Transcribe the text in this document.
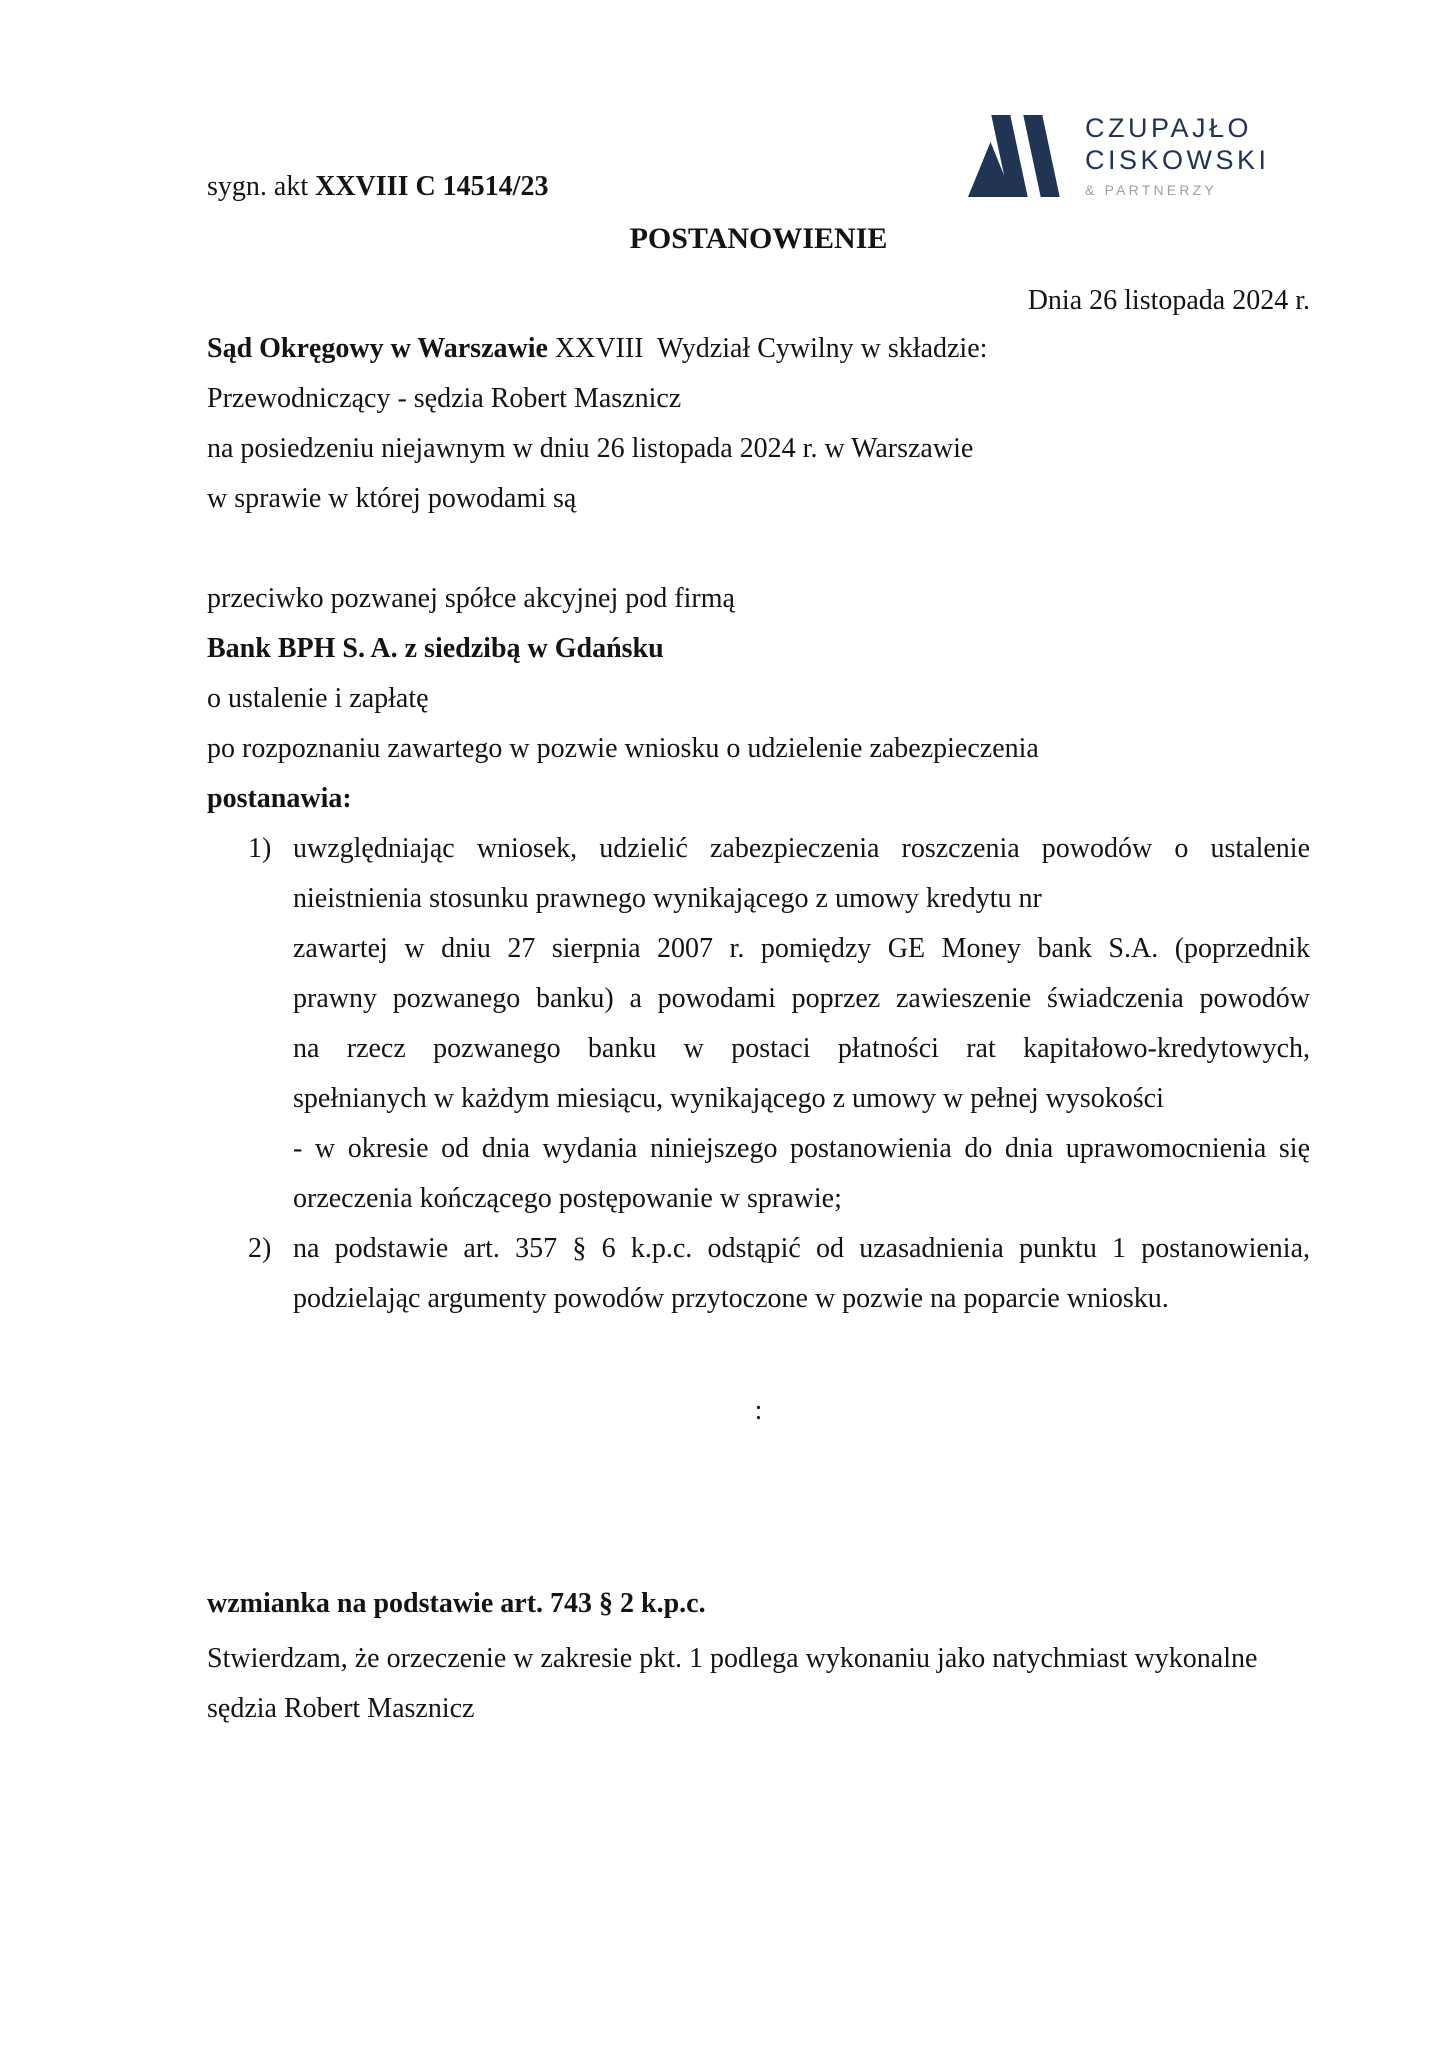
CZUPAJŁO
CISKOWSKI
& PARTNERZY
sygn. akt XXVIII C 14514/23
POSTANOWIENIE
Dnia 26 listopada 2024 r.
Sąd Okręgowy w Warszawie XXVIII  Wydział Cywilny w składzie:
Przewodniczący - sędzia Robert Masznicz
na posiedzeniu niejawnym w dniu 26 listopada 2024 r. w Warszawie
w sprawie w której powodami są
przeciwko pozwanej spółce akcyjnej pod firmą
Bank BPH S. A. z siedzibą w Gdańsku
o ustalenie i zapłatę
po rozpoznaniu zawartego w pozwie wniosku o udzielenie zabezpieczenia
postanawia:
1) uwzględniając wniosek, udzielić zabezpieczenia roszczenia powodów o ustalenie
nieistnienia stosunku prawnego wynikającego z umowy kredytu nr
zawartej w dniu 27 sierpnia 2007 r. pomiędzy GE Money bank S.A. (poprzednik
prawny pozwanego banku) a powodami poprzez zawieszenie świadczenia powodów
na rzecz pozwanego banku w postaci płatności rat kapitałowo-kredytowych,
spełnianych w każdym miesiącu, wynikającego z umowy w pełnej wysokości
- w okresie od dnia wydania niniejszego postanowienia do dnia uprawomocnienia się
orzeczenia kończącego postępowanie w sprawie;
2) na podstawie art. 357 § 6 k.p.c. odstąpić od uzasadnienia punktu 1 postanowienia,
podzielając argumenty powodów przytoczone w pozwie na poparcie wniosku.
:
wzmianka na podstawie art. 743 § 2 k.p.c.
Stwierdzam, że orzeczenie w zakresie pkt. 1 podlega wykonaniu jako natychmiast wykonalne
sędzia Robert Masznicz
